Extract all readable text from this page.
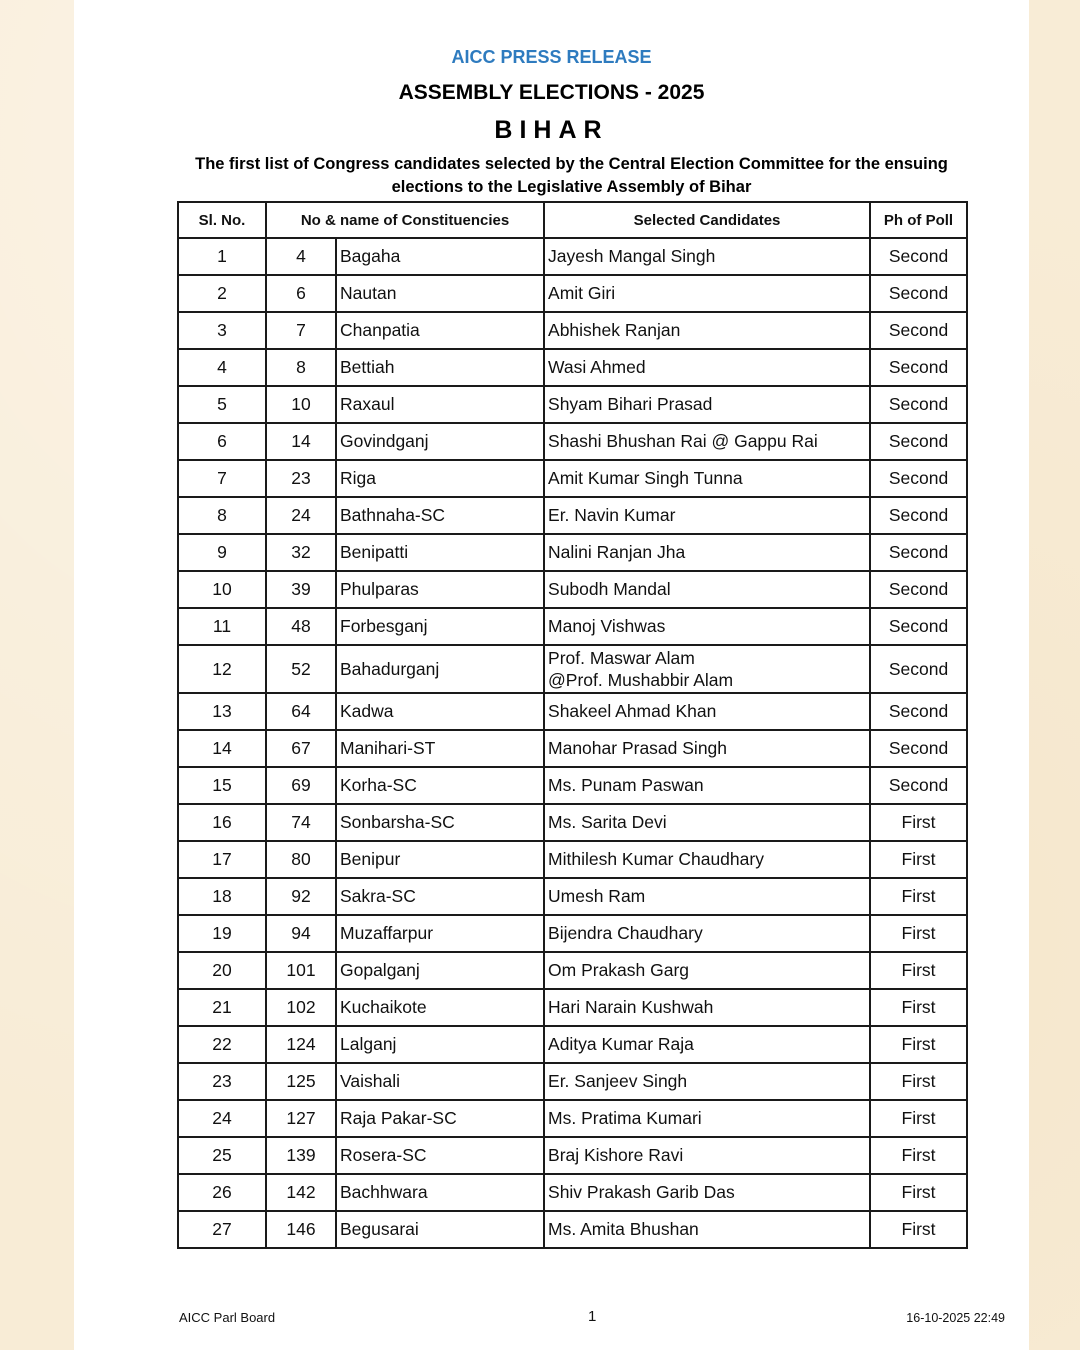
AICC PRESS RELEASE
ASSEMBLY ELECTIONS - 2025
BIHAR
The first list of Congress candidates selected by the Central Election Committee for the ensuing elections to the Legislative Assembly of Bihar
Sl. No.	No & name of Constituencies		Selected Candidates	Ph of Poll
1	4	Bagaha	Jayesh Mangal Singh	Second
2	6	Nautan	Amit Giri	Second
3	7	Chanpatia	Abhishek Ranjan	Second
4	8	Bettiah	Wasi Ahmed	Second
5	10	Raxaul	Shyam Bihari Prasad	Second
6	14	Govindganj	Shashi Bhushan Rai @ Gappu Rai	Second
7	23	Riga	Amit Kumar Singh Tunna	Second
8	24	Bathnaha-SC	Er. Navin Kumar	Second
9	32	Benipatti	Nalini Ranjan Jha	Second
10	39	Phulparas	Subodh Mandal	Second
11	48	Forbesganj	Manoj Vishwas	Second
12	52	Bahadurganj	Prof. Maswar Alam
@Prof. Mushabbir Alam	Second
13	64	Kadwa	Shakeel Ahmad Khan	Second
14	67	Manihari-ST	Manohar Prasad Singh	Second
15	69	Korha-SC	Ms. Punam Paswan	Second
16	74	Sonbarsha-SC	Ms. Sarita Devi	First
17	80	Benipur	Mithilesh Kumar Chaudhary	First
18	92	Sakra-SC	Umesh Ram	First
19	94	Muzaffarpur	Bijendra Chaudhary	First
20	101	Gopalganj	Om Prakash Garg	First
21	102	Kuchaikote	Hari Narain Kushwah	First
22	124	Lalganj	Aditya Kumar Raja	First
23	125	Vaishali	Er. Sanjeev Singh	First
24	127	Raja Pakar-SC	Ms. Pratima Kumari	First
25	139	Rosera-SC	Braj Kishore Ravi	First
26	142	Bachhwara	Shiv Prakash Garib Das	First
27	146	Begusarai	Ms. Amita Bhushan	First
AICC Parl Board	1	16-10-2025 22:49
